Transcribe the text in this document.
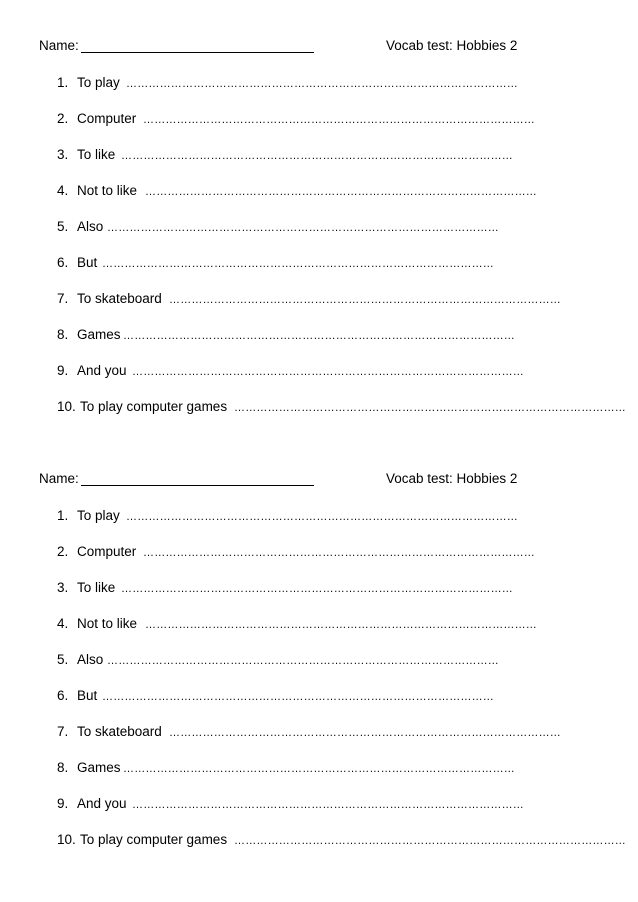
Name:	Vocab test: Hobbies 2
1. To play ……………………………………………………………………………………………
2. Computer ……………………………………………………………………………………………
3. To like ……………………………………………………………………………………………
4. Not to like ……………………………………………………………………………………………
5. Also ……………………………………………………………………………………………
6. But ……………………………………………………………………………………………
7. To skateboard ……………………………………………………………………………………………
8. Games ……………………………………………………………………………………………
9. And you ……………………………………………………………………………………………
10. To play computer games ……………………………………………………………………………………………
Name:	Vocab test: Hobbies 2
1. To play ……………………………………………………………………………………………
2. Computer ……………………………………………………………………………………………
3. To like ……………………………………………………………………………………………
4. Not to like ……………………………………………………………………………………………
5. Also ……………………………………………………………………………………………
6. But ……………………………………………………………………………………………
7. To skateboard ……………………………………………………………………………………………
8. Games ……………………………………………………………………………………………
9. And you ……………………………………………………………………………………………
10. To play computer games ……………………………………………………………………………………………
